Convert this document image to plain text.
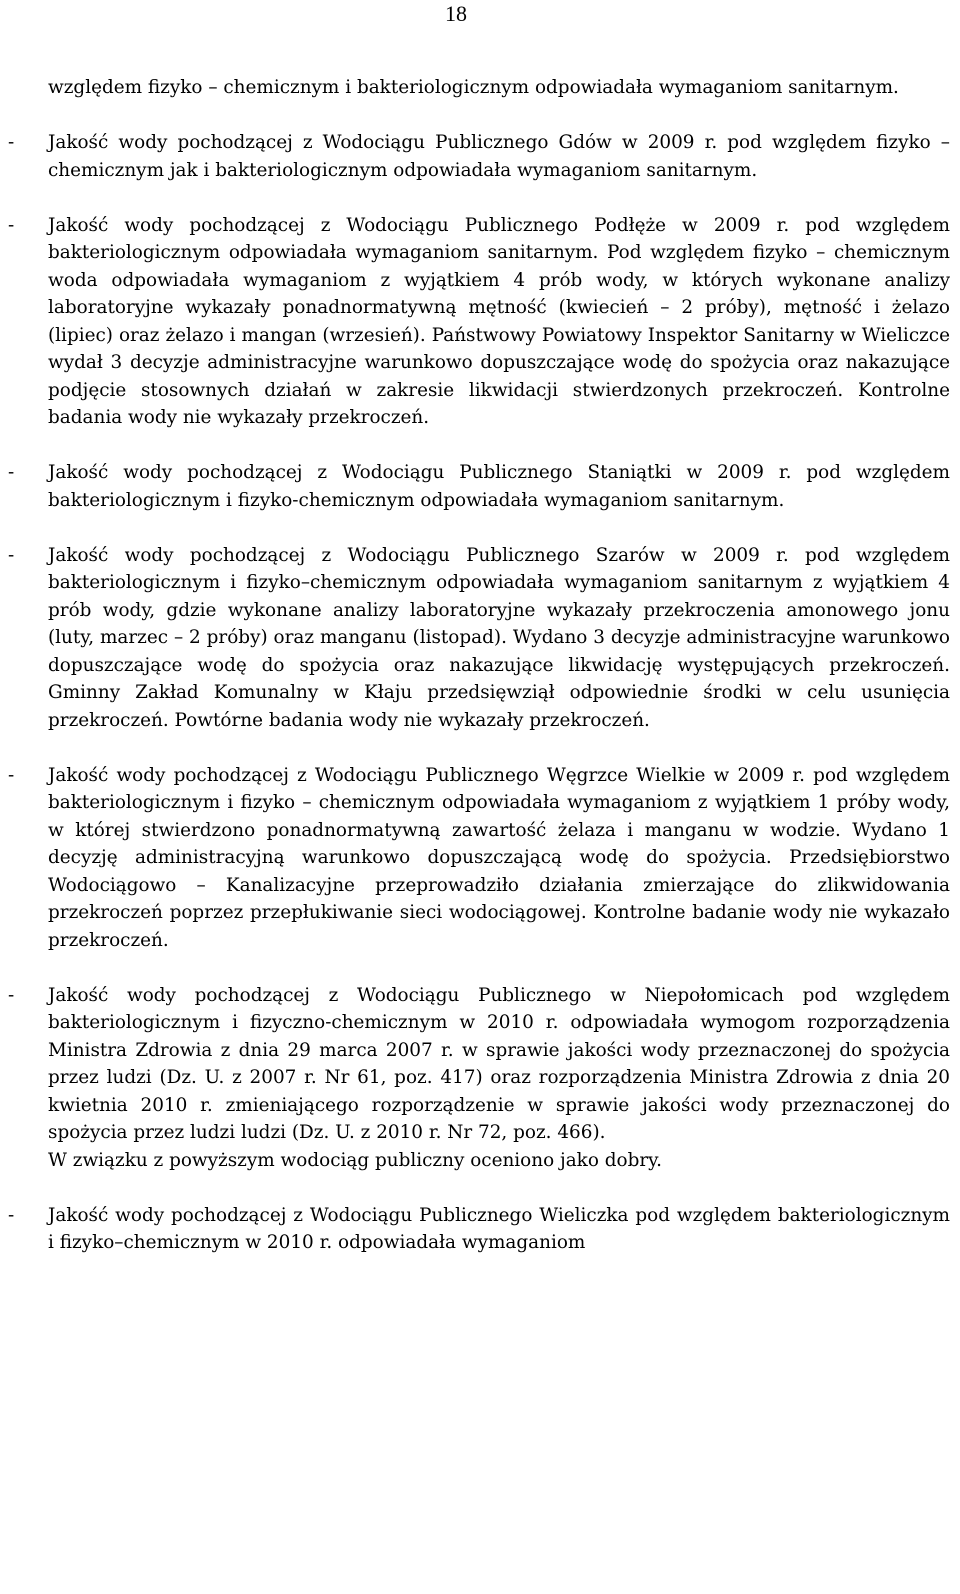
18
względem fizyko – chemicznym i bakteriologicznym odpowiadała wymaganiom sanitarnym.
- Jakość wody pochodzącej z Wodociągu Publicznego Gdów w 2009 r. pod względem fizyko – chemicznym jak i bakteriologicznym odpowiadała wymaganiom sanitarnym.
- Jakość wody pochodzącej z Wodociągu Publicznego Podłęże w 2009 r. pod względem bakteriologicznym odpowiadała wymaganiom sanitarnym. Pod względem fizyko – chemicznym woda odpowiadała wymaganiom z wyjątkiem 4 prób wody, w których wykonane analizy laboratoryjne wykazały ponadnormatywną mętność (kwiecień – 2 próby), mętność i żelazo (lipiec) oraz żelazo i mangan (wrzesień). Państwowy Powiatowy Inspektor Sanitarny w Wieliczce wydał 3 decyzje administracyjne warunkowo dopuszczające wodę do spożycia oraz nakazujące podjęcie stosownych działań w zakresie likwidacji stwierdzonych przekroczeń. Kontrolne badania wody nie wykazały przekroczeń.
- Jakość wody pochodzącej z Wodociągu Publicznego Staniątki w 2009 r. pod względem bakteriologicznym i fizyko-chemicznym odpowiadała wymaganiom sanitarnym.
- Jakość wody pochodzącej z Wodociągu Publicznego Szarów w 2009 r. pod względem bakteriologicznym i fizyko–chemicznym odpowiadała wymaganiom sanitarnym z wyjątkiem 4 prób wody, gdzie wykonane analizy laboratoryjne wykazały przekroczenia amonowego jonu (luty, marzec – 2 próby) oraz manganu (listopad). Wydano 3 decyzje administracyjne warunkowo dopuszczające wodę do spożycia oraz nakazujące likwidację występujących przekroczeń. Gminny Zakład Komunalny w Kłaju przedsięwziął odpowiednie środki w celu usunięcia przekroczeń. Powtórne badania wody nie wykazały przekroczeń.
- Jakość wody pochodzącej z Wodociągu Publicznego Węgrzce Wielkie w 2009 r. pod względem bakteriologicznym i fizyko – chemicznym odpowiadała wymaganiom z wyjątkiem 1 próby wody, w której stwierdzono ponadnormatywną zawartość żelaza i manganu w wodzie. Wydano 1 decyzję administracyjną warunkowo dopuszczającą wodę do spożycia. Przedsiębiorstwo Wodociągowo – Kanalizacyjne przeprowadziło działania zmierzające do zlikwidowania przekroczeń poprzez przepłukiwanie sieci wodociągowej. Kontrolne badanie wody nie wykazało przekroczeń.
- Jakość wody pochodzącej z Wodociągu Publicznego w Niepołomicach pod względem bakteriologicznym i fizyczno-chemicznym w 2010 r. odpowiadała wymogom rozporządzenia Ministra Zdrowia z dnia 29 marca 2007 r. w sprawie jakości wody przeznaczonej do spożycia przez ludzi (Dz. U. z 2007 r. Nr 61, poz. 417) oraz rozporządzenia Ministra Zdrowia z dnia 20 kwietnia 2010 r. zmieniającego rozporządzenie w sprawie jakości wody przeznaczonej do spożycia przez ludzi ludzi (Dz. U. z 2010 r. Nr 72, poz. 466).
W związku z powyższym wodociąg publiczny oceniono jako dobry.
- Jakość wody pochodzącej z Wodociągu Publicznego Wieliczka pod względem bakteriologicznym i fizyko–chemicznym w 2010 r. odpowiadała wymaganiom
